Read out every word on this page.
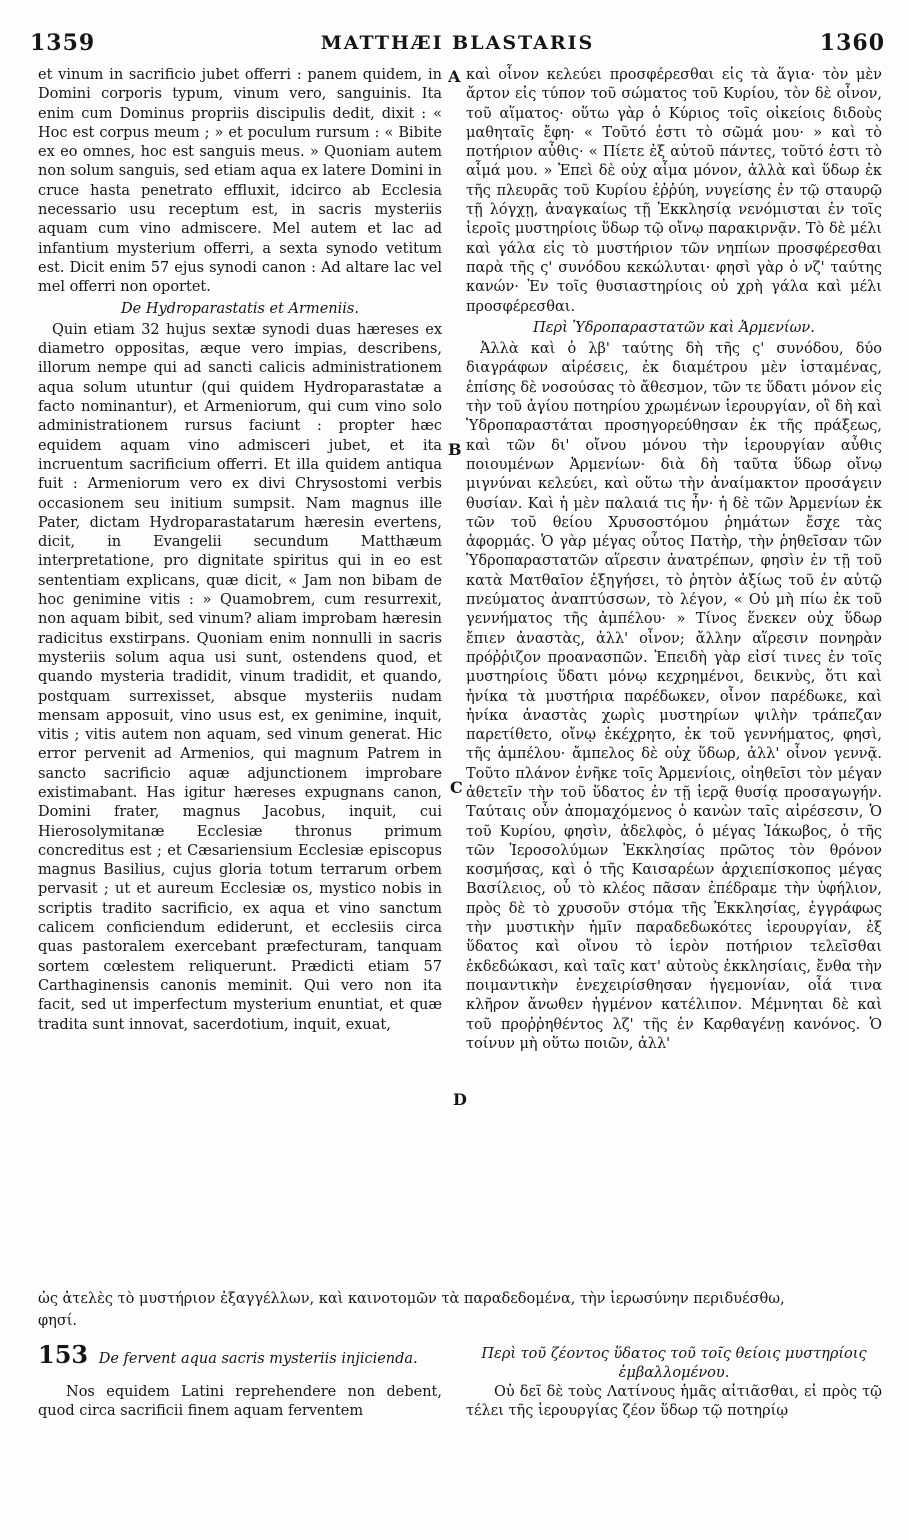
1359	MATTHÆI BLASTARIS	1360
A
B
C
D

et vinum in sacrificio jubet offerri : panem quidem, in Domini corporis typum, vinum vero, sanguinis. Ita enim cum Dominus propriis discipulis dedit, dixit : « Hoc est corpus meum ; » et poculum rursum : « Bibite ex eo omnes, hoc est sanguis meus. » Quoniam autem non solum sanguis, sed etiam aqua ex latere Domini in cruce hasta penetrato effluxit, idcirco ab Ecclesia necessario usu receptum est, in sacris mysteriis aquam cum vino admiscere. Mel autem et lac ad infantium mysterium offerri, a sexta synodo vetitum est. Dicit enim 57 ejus synodi canon : Ad altare lac vel mel offerri non oportet.

De Hydroparastatis et Armeniis.

Quin etiam 32 hujus sextæ synodi duas hæreses ex diametro oppositas, æque vero impias, describens, illorum nempe qui ad sancti calicis administrationem aqua solum utuntur (qui quidem Hydroparastatæ a facto nominantur), et Armeniorum, qui cum vino solo administrationem rursus faciunt : propter hæc equidem aquam vino admisceri jubet, et ita incruentum sacrificium offerri. Et illa quidem antiqua fuit : Armeniorum vero ex divi Chrysostomi verbis occasionem seu initium sumpsit. Nam magnus ille Pater, dictam Hydroparastatarum hæresin evertens, dicit, in Evangelii secundum Matthæum interpretatione, pro dignitate spiritus qui in eo est sententiam explicans, quæ dicit, « Jam non bibam de hoc genimine vitis : » Quamobrem, cum resurrexit, non aquam bibit, sed vinum? aliam improbam hæresin radicitus exstirpans. Quoniam enim nonnulli in sacris mysteriis solum aqua usi sunt, ostendens quod, et quando mysteria tradidit, vinum tradidit, et quando, postquam surrexisset, absque mysteriis nudam mensam apposuit, vino usus est, ex genimine, inquit, vitis ; vitis autem non aquam, sed vinum generat. Hic error pervenit ad Armenios, qui magnum Patrem in sancto sacrificio aquæ adjunctionem improbare existimabant. Has igitur hæreses expugnans canon, Domini frater, magnus Jacobus, inquit, cui Hierosolymitanæ Ecclesiæ thronus primum concreditus est ; et Cæsariensium Ecclesiæ episcopus magnus Basilius, cujus gloria totum terrarum orbem pervasit ; ut et aureum Ecclesiæ os, mystico nobis in scriptis tradito sacrificio, ex aqua et vino sanctum calicem conficiendum ediderunt, et ecclesiis circa quas pastoralem exercebant præfecturam, tanquam sortem cœlestem reliquerunt. Prædicti etiam 57 Carthaginensis canonis meminit. Qui vero non ita facit, sed ut imperfectum mysterium enuntiat, et quæ tradita sunt innovat, sacerdotium, inquit, exuat,

καὶ οἶνον κελεύει προσφέρεσθαι εἰς τὰ ἅγια· τὸν μὲν ἄρτον εἰς τύπον τοῦ σώματος τοῦ Κυρίου, τὸν δὲ οἶνον, τοῦ αἵματος· οὕτω γὰρ ὁ Κύριος τοῖς οἰκείοις διδοὺς μαθηταῖς ἔφη· « Τοῦτό ἐστι τὸ σῶμά μου· » καὶ τὸ ποτήριον αὖθις· « Πίετε ἐξ αὐτοῦ πάντες, τοῦτό ἐστι τὸ αἷμά μου. » Ἐπεὶ δὲ οὐχ αἷμα μόνον, ἀλλὰ καὶ ὕδωρ ἐκ τῆς πλευρᾶς τοῦ Κυρίου ἐῤῥύη, νυγείσης ἐν τῷ σταυρῷ τῇ λόγχῃ, ἀναγκαίως τῇ Ἐκκλησίᾳ νενόμισται ἐν τοῖς ἱεροῖς μυστηρίοις ὕδωρ τῷ οἴνῳ παρακιρνᾷν. Τὸ δὲ μέλι καὶ γάλα εἰς τὸ μυστήριον τῶν νηπίων προσφέρεσθαι παρὰ τῆς ς' συνόδου κεκώλυται· φησὶ γὰρ ὁ νζ' ταύτης κανών· Ἐν τοῖς θυσιαστηρίοις οὐ χρὴ γάλα καὶ μέλι προσφέρεσθαι.

Περὶ Ὑδροπαραστατῶν καὶ Ἀρμενίων.

Ἀλλὰ καὶ ὁ λβ' ταύτης δὴ τῆς ς' συνόδου, δύο διαγράφων αἱρέσεις, ἐκ διαμέτρου μὲν ἱσταμένας, ἐπίσης δὲ νοσούσας τὸ ἄθεσμον, τῶν τε ὕδατι μόνον εἰς τὴν τοῦ ἁγίου ποτηρίου χρωμένων ἱερουργίαν, οἳ δὴ καὶ Ὑδροπαραστάται προσηγορεύθησαν ἐκ τῆς πράξεως, καὶ τῶν δι' οἴνου μόνου τὴν ἱερουργίαν αὖθις ποιουμένων Ἀρμενίων· διὰ δὴ ταῦτα ὕδωρ οἴνῳ μιγνύναι κελεύει, καὶ οὕτω τὴν ἀναίμακτον προσάγειν θυσίαν. Καὶ ἡ μὲν παλαιά τις ἦν· ἡ δὲ τῶν Ἀρμενίων ἐκ τῶν τοῦ θείου Χρυσοστόμου ῥημάτων ἔσχε τὰς ἀφορμάς. Ὁ γὰρ μέγας οὗτος Πατὴρ, τὴν ῥηθεῖσαν τῶν Ὑδροπαραστατῶν αἵρεσιν ἀνατρέπων, φησὶν ἐν τῇ τοῦ κατὰ Ματθαῖον ἐξηγήσει, τὸ ῥητὸν ἀξίως τοῦ ἐν αὐτῷ πνεύματος ἀναπτύσσων, τὸ λέγον, « Οὐ μὴ πίω ἐκ τοῦ γεννήματος τῆς ἀμπέλου· » Τίνος ἕνεκεν οὐχ ὕδωρ ἔπιεν ἀναστὰς, ἀλλ' οἶνον; ἄλλην αἵρεσιν πονηρὰν πρόῤῥιζον προανασπῶν. Ἐπειδὴ γὰρ εἰσί τινες ἐν τοῖς μυστηρίοις ὕδατι μόνῳ κεχρημένοι, δεικνὺς, ὅτι καὶ ἡνίκα τὰ μυστήρια παρέδωκεν, οἶνον παρέδωκε, καὶ ἡνίκα ἀναστὰς χωρὶς μυστηρίων ψιλὴν τράπεζαν παρετίθετο, οἴνῳ ἐκέχρητο, ἐκ τοῦ γεννήματος, φησὶ, τῆς ἀμπέλου· ἄμπελος δὲ οὐχ ὕδωρ, ἀλλ' οἶνον γεννᾷ. Τοῦτο πλάνον ἐνῆκε τοῖς Ἀρμενίοις, οἰηθεῖσι τὸν μέγαν ἀθετεῖν τὴν τοῦ ὕδατος ἐν τῇ ἱερᾷ θυσίᾳ προσαγωγήν. Ταύταις οὖν ἀπομαχόμενος ὁ κανὼν ταῖς αἱρέσεσιν, Ὁ τοῦ Κυρίου, φησὶν, ἀδελφὸς, ὁ μέγας Ἰάκωβος, ὁ τῆς τῶν Ἱεροσολύμων Ἐκκλησίας πρῶτος τὸν θρόνον κοσμήσας, καὶ ὁ τῆς Καισαρέων ἀρχιεπίσκοπος μέγας Βασίλειος, οὗ τὸ κλέος πᾶσαν ἐπέδραμε τὴν ὑφήλιον, πρὸς δὲ τὸ χρυσοῦν στόμα τῆς Ἐκκλησίας, ἐγγράφως τὴν μυστικὴν ἡμῖν παραδεδωκότες ἱερουργίαν, ἐξ ὕδατος καὶ οἴνου τὸ ἱερὸν ποτήριον τελεῖσθαι ἐκδεδώκασι, καὶ ταῖς κατ' αὐτοὺς ἐκκλησίαις, ἔνθα τὴν ποιμαντικὴν ἐνεχειρίσθησαν ἡγεμονίαν, οἷά τινα κλῆρον ἄνωθεν ἠγμένον κατέλιπον. Μέμνηται δὲ καὶ τοῦ προῤῥηθέντος λζ' τῆς ἐν Καρθαγένῃ κανόνος. Ὁ τοίνυν μὴ οὕτω ποιῶν, ἀλλ'

ὡς ἀτελὲς τὸ μυστήριον ἐξαγγέλλων, καὶ καινοτομῶν τὰ παραδεδομένα, τὴν ἱερωσύνην περιδυέσθω,
φησί.
153 De fervent aqua sacris mysteriis injicienda.	Περὶ τοῦ ζέοντος ὕδατος τοῦ τοῖς θείοις μυστηρίοις ἐμβαλλομένου.
Nos equidem Latini reprehendere non debent, quod circa sacrificii finem aquam ferventem
Οὐ δεῖ δὲ τοὺς Λατίνους ἡμᾶς αἰτιᾶσθαι, εἰ πρὸς τῷ τέλει τῆς ἱερουργίας ζέον ὕδωρ τῷ ποτηρίῳ
